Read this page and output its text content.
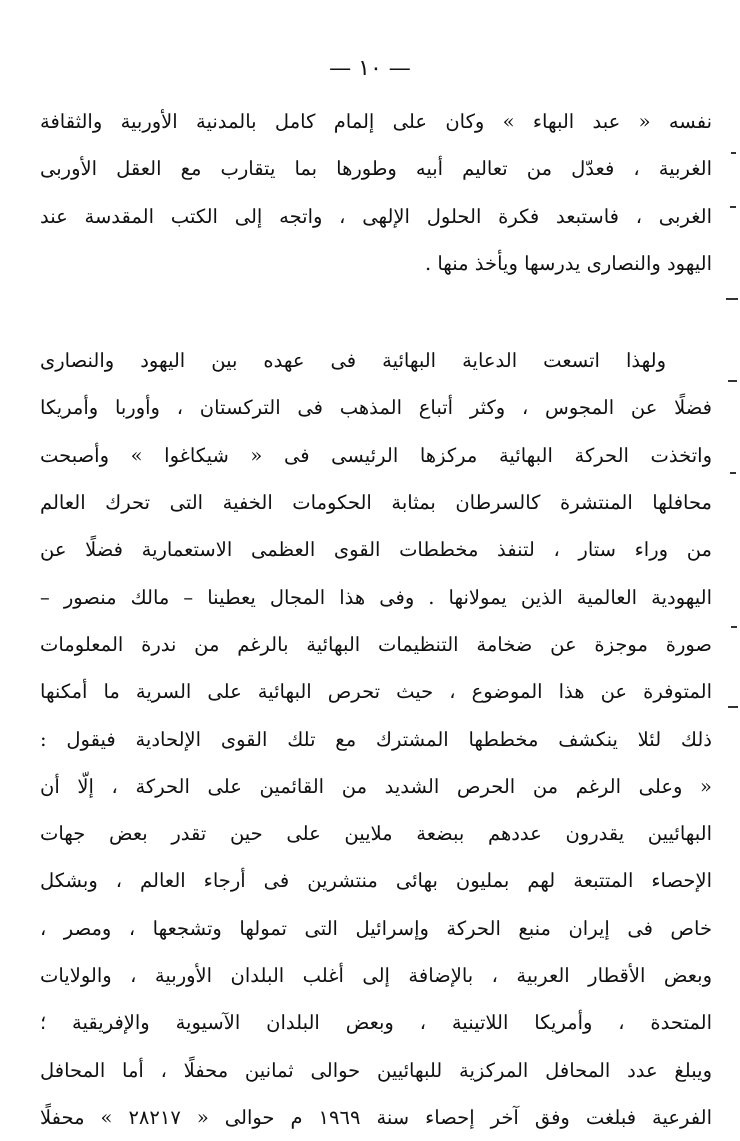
— ١٠ —
نفسه « عبد البهاء » وكان على إلمام كامل بالمدنية الأوربية والثقافة
الغربية ، فعدّل من تعاليم أبيه وطورها بما يتقارب مع العقل الأوربى
الغربى ، فاستبعد فكرة الحلول الإلهى ، واتجه إلى الكتب المقدسة عند
اليهود والنصارى يدرسها ويأخذ منها .
ولهذا اتسعت الدعاية البهائية فى عهده بين اليهود والنصارى
فضلًا عن المجوس ، وكثر أتباع المذهب فى التركستان ، وأوربا وأمريكا
واتخذت الحركة البهائية مركزها الرئيسى فى « شيكاغوا » وأصبحت
محافلها المنتشرة كالسرطان بمثابة الحكومات الخفية التى تحرك العالم
من وراء ستار ، لتنفذ مخططات القوى العظمى الاستعمارية فضلًا عن
اليهودية العالمية الذين يمولانها . وفى هذا المجال يعطينا – مالك منصور –
صورة موجزة عن ضخامة التنظيمات البهائية بالرغم من ندرة المعلومات
المتوفرة عن هذا الموضوع ، حيث تحرص البهائية على السرية ما أمكنها
ذلك لئلا ينكشف مخططها المشترك مع تلك القوى الإلحادية فيقول :
« وعلى الرغم من الحرص الشديد من القائمين على الحركة ، إلّا أن
البهائيين يقدرون عددهم ببضعة ملايين على حين تقدر بعض جهات
الإحصاء المتتبعة لهم بمليون بهائى منتشرين فى أرجاء العالم ، وبشكل
خاص فى إيران منبع الحركة وإسرائيل التى تمولها وتشجعها ، ومصر ،
وبعض الأقطار العربية ، بالإضافة إلى أغلب البلدان الأوربية ، والولايات
المتحدة ، وأمريكا اللاتينية ، وبعض البلدان الآسيوية والإفريقية ؛
ويبلغ عدد المحافل المركزية للبهائيين حوالى ثمانين محفلًا ، أما المحافل
الفرعية فبلغت وفق آخر إحصاء سنة ١٩٦٩ م حوالى « ٢٨٢١٧ » محفلًا
